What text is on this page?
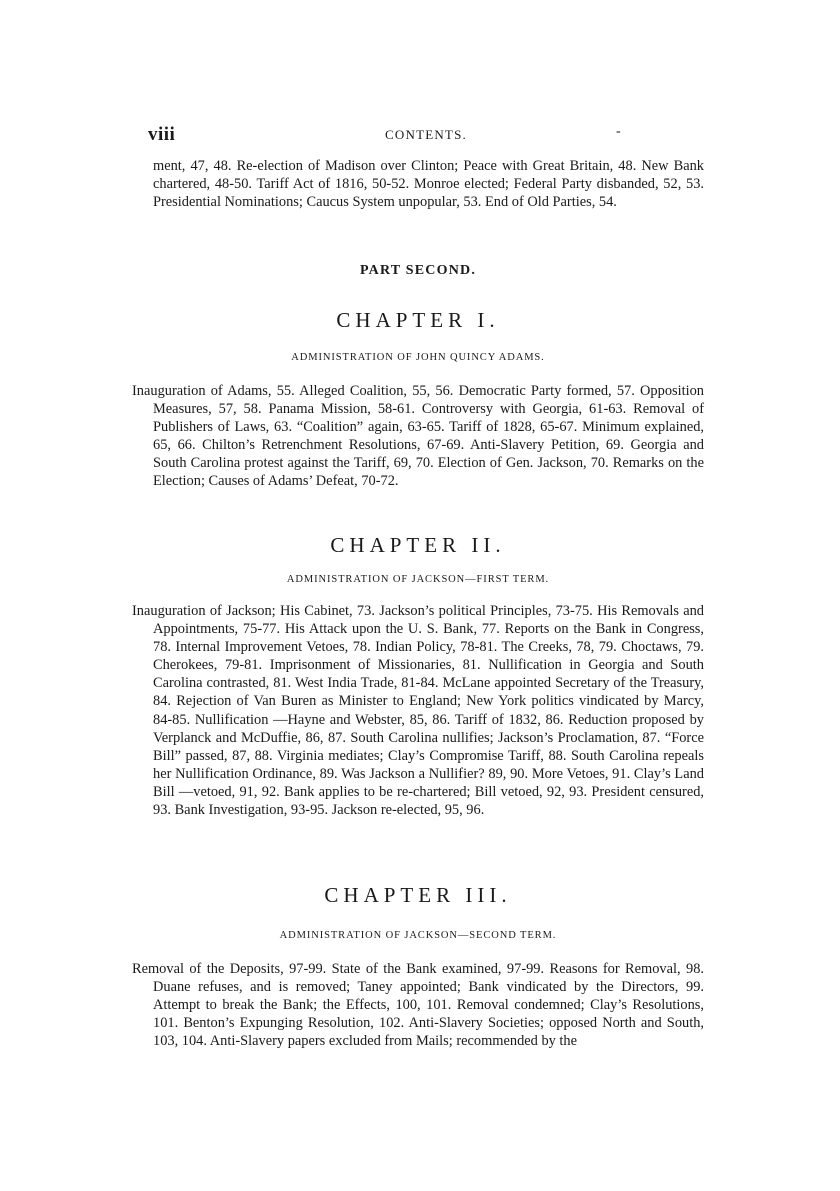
viii	CONTENTS.	-

ment, 47, 48. Re-election of Madison over Clinton; Peace with Great Britain, 48. New Bank chartered, 48-50. Tariff Act of 1816, 50-52. Monroe elected; Federal Party disbanded, 52, 53. Presidential Nominations; Caucus System unpopular, 53. End of Old Parties, 54.

PART SECOND.
CHAPTER I.
ADMINISTRATION OF JOHN QUINCY ADAMS.

Inauguration of Adams, 55. Alleged Coalition, 55, 56. Democratic Party formed, 57. Opposition Measures, 57, 58. Panama Mission, 58-61. Controversy with Georgia, 61-63. Removal of Publishers of Laws, 63. “Coalition” again, 63-65. Tariff of 1828, 65-67. Minimum explained, 65, 66. Chilton’s Retrenchment Resolutions, 67-69. Anti-Slavery Petition, 69. Georgia and South Carolina protest against the Tariff, 69, 70. Election of Gen. Jackson, 70. Remarks on the Election; Causes of Adams’ Defeat, 70-72.

CHAPTER II.
ADMINISTRATION OF JACKSON—FIRST TERM.

Inauguration of Jackson; His Cabinet, 73. Jackson’s political Principles, 73-75. His Removals and Appointments, 75-77. His Attack upon the U. S. Bank, 77. Reports on the Bank in Congress, 78. Internal Improvement Vetoes, 78. Indian Policy, 78-81. The Creeks, 78, 79. Choctaws, 79. Cherokees, 79-81. Imprisonment of Missionaries, 81. Nullification in Georgia and South Carolina contrasted, 81. West India Trade, 81-84. McLane appointed Secretary of the Treasury, 84. Rejection of Van Buren as Minister to England; New York politics vindicated by Marcy, 84-85. Nullification —Hayne and Webster, 85, 86. Tariff of 1832, 86. Reduction proposed by Verplanck and McDuffie, 86, 87. South Carolina nullifies; Jackson’s Proclamation, 87. “Force Bill” passed, 87, 88. Virginia mediates; Clay’s Compromise Tariff, 88. South Carolina repeals her Nullification Ordinance, 89. Was Jackson a Nullifier? 89, 90. More Vetoes, 91. Clay’s Land Bill —vetoed, 91, 92. Bank applies to be re-chartered; Bill vetoed, 92, 93. President censured, 93. Bank Investigation, 93-95. Jackson re-elected, 95, 96.

CHAPTER III.
ADMINISTRATION OF JACKSON—SECOND TERM.

Removal of the Deposits, 97-99. State of the Bank examined, 97-99. Reasons for Removal, 98. Duane refuses, and is removed; Taney appointed; Bank vindicated by the Directors, 99. Attempt to break the Bank; the Effects, 100, 101. Removal condemned; Clay’s Resolutions, 101. Benton’s Expunging Resolution, 102. Anti-Slavery Societies; opposed North and South, 103, 104. Anti-Slavery papers excluded from Mails; recommended by the
